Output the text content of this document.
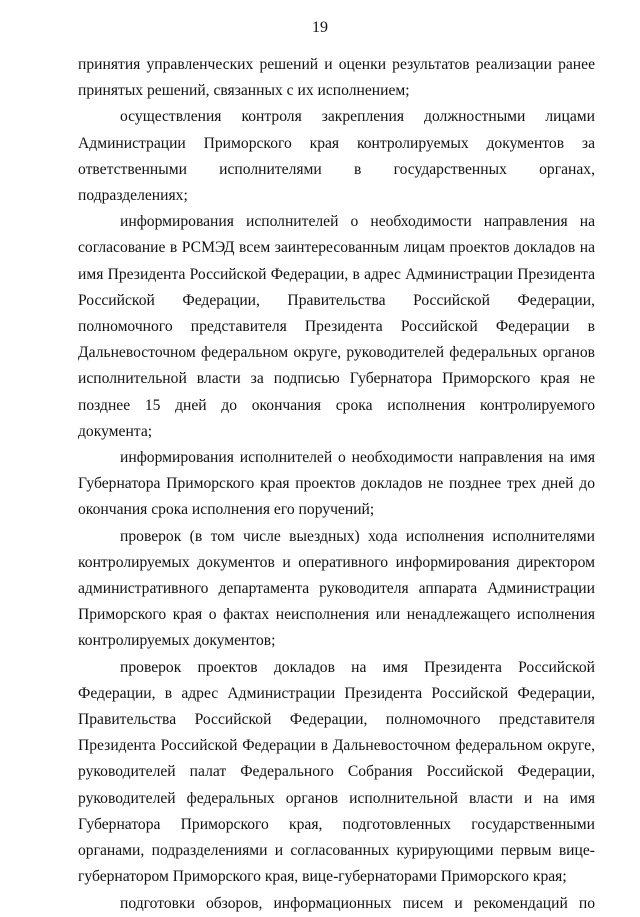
19

принятия управленческих решений и оценки результатов реализации ранее принятых решений, связанных с их исполнением;

осуществления контроля закрепления должностными лицами Администрации Приморского края контролируемых документов за ответственными исполнителями в государственных органах, подразделениях;

информирования исполнителей о необходимости направления на согласование в РСМЭД всем заинтересованным лицам проектов докладов на имя Президента Российской Федерации, в адрес Администрации Президента Российской Федерации, Правительства Российской Федерации, полномочного представителя Президента Российской Федерации в Дальневосточном федеральном округе, руководителей федеральных органов исполнительной власти за подписью Губернатора Приморского края не позднее 15 дней до окончания срока исполнения контролируемого документа;

информирования исполнителей о необходимости направления на имя Губернатора Приморского края проектов докладов не позднее трех дней до окончания срока исполнения его поручений;

проверок (в том числе выездных) хода исполнения исполнителями контролируемых документов и оперативного информирования директором административного департамента руководителя аппарата Администрации Приморского края о фактах неисполнения или ненадлежащего исполнения контролируемых документов;

проверок проектов докладов на имя Президента Российской Федерации, в адрес Администрации Президента Российской Федерации, Правительства Российской Федерации, полномочного представителя Президента Российской Федерации в Дальневосточном федеральном округе, руководителей палат Федерального Собрания Российской Федерации, руководителей федеральных органов исполнительной власти и на имя Губернатора Приморского края, подготовленных государственными органами, подразделениями и согласованных курирующими первым вице-губернатором Приморского края, вице-губернаторами Приморского края;

подготовки обзоров, информационных писем и рекомендаций по
